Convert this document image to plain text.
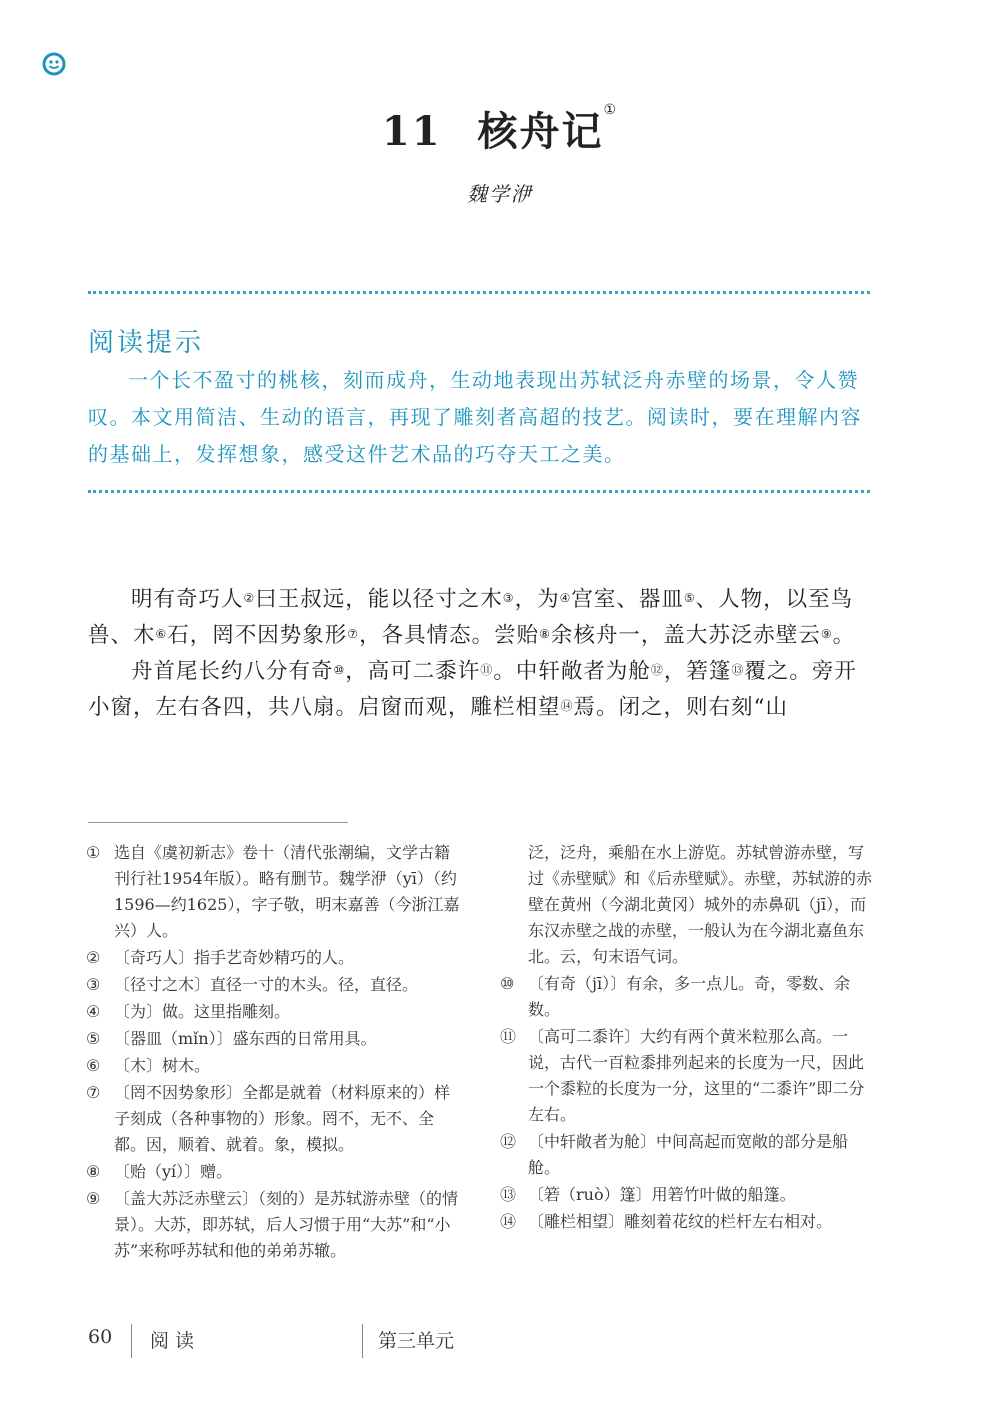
11 核舟记①
魏学洢
阅读提示

一个长不盈寸的桃核，刻而成舟，生动地表现出苏轼泛舟赤壁的场景，令人赞叹。本文用简洁、生动的语言，再现了雕刻者高超的技艺。阅读时，要在理解内容的基础上，发挥想象，感受这件艺术品的巧夺天工之美。

明有奇巧人②曰王叔远，能以径寸之木③，为④宫室、器皿⑤、人物，以至鸟兽、木⑥石，罔不因势象形⑦，各具情态。尝贻⑧余核舟一，盖大苏泛赤壁云⑨。

舟首尾长约八分有奇⑩，高可二黍许⑪。中轩敞者为舱⑫，箬篷⑬覆之。旁开小窗，左右各四，共八扇。启窗而观，雕栏相望⑭焉。闭之，则右刻“山

① 选自《虞初新志》卷十（清代张潮编，文学古籍刊行社1954年版）。略有删节。魏学洢（yī）（约1596—约1625），字子敬，明末嘉善（今浙江嘉兴）人。
② 〔奇巧人〕指手艺奇妙精巧的人。
③ 〔径寸之木〕直径一寸的木头。径，直径。
④ 〔为〕做。这里指雕刻。
⑤ 〔器皿（mǐn）〕盛东西的日常用具。
⑥ 〔木〕树木。
⑦ 〔罔不因势象形〕全都是就着（材料原来的）样子刻成（各种事物的）形象。罔不，无不、全都。因，顺着、就着。象，模拟。
⑧ 〔贻（yí）〕赠。
⑨ 〔盖大苏泛赤壁云〕（刻的）是苏轼游赤壁（的情景）。大苏，即苏轼，后人习惯于用“大苏”和“小苏”来称呼苏轼和他的弟弟苏辙。
泛，泛舟，乘船在水上游览。苏轼曾游赤壁，写过《赤壁赋》和《后赤壁赋》。赤壁，苏轼游的赤壁在黄州（今湖北黄冈）城外的赤鼻矶（jī），而东汉赤壁之战的赤壁，一般认为在今湖北嘉鱼东北。云，句末语气词。
⑩ 〔有奇（jī）〕有余，多一点儿。奇，零数、余数。
⑪ 〔高可二黍许〕大约有两个黄米粒那么高。一说，古代一百粒黍排列起来的长度为一尺，因此一个黍粒的长度为一分，这里的“二黍许”即二分左右。
⑫ 〔中轩敞者为舱〕中间高起而宽敞的部分是船舱。
⑬ 〔箬（ruò）篷〕用箬竹叶做的船篷。
⑭ 〔雕栏相望〕雕刻着花纹的栏杆左右相对。
60 阅读	第三单元
